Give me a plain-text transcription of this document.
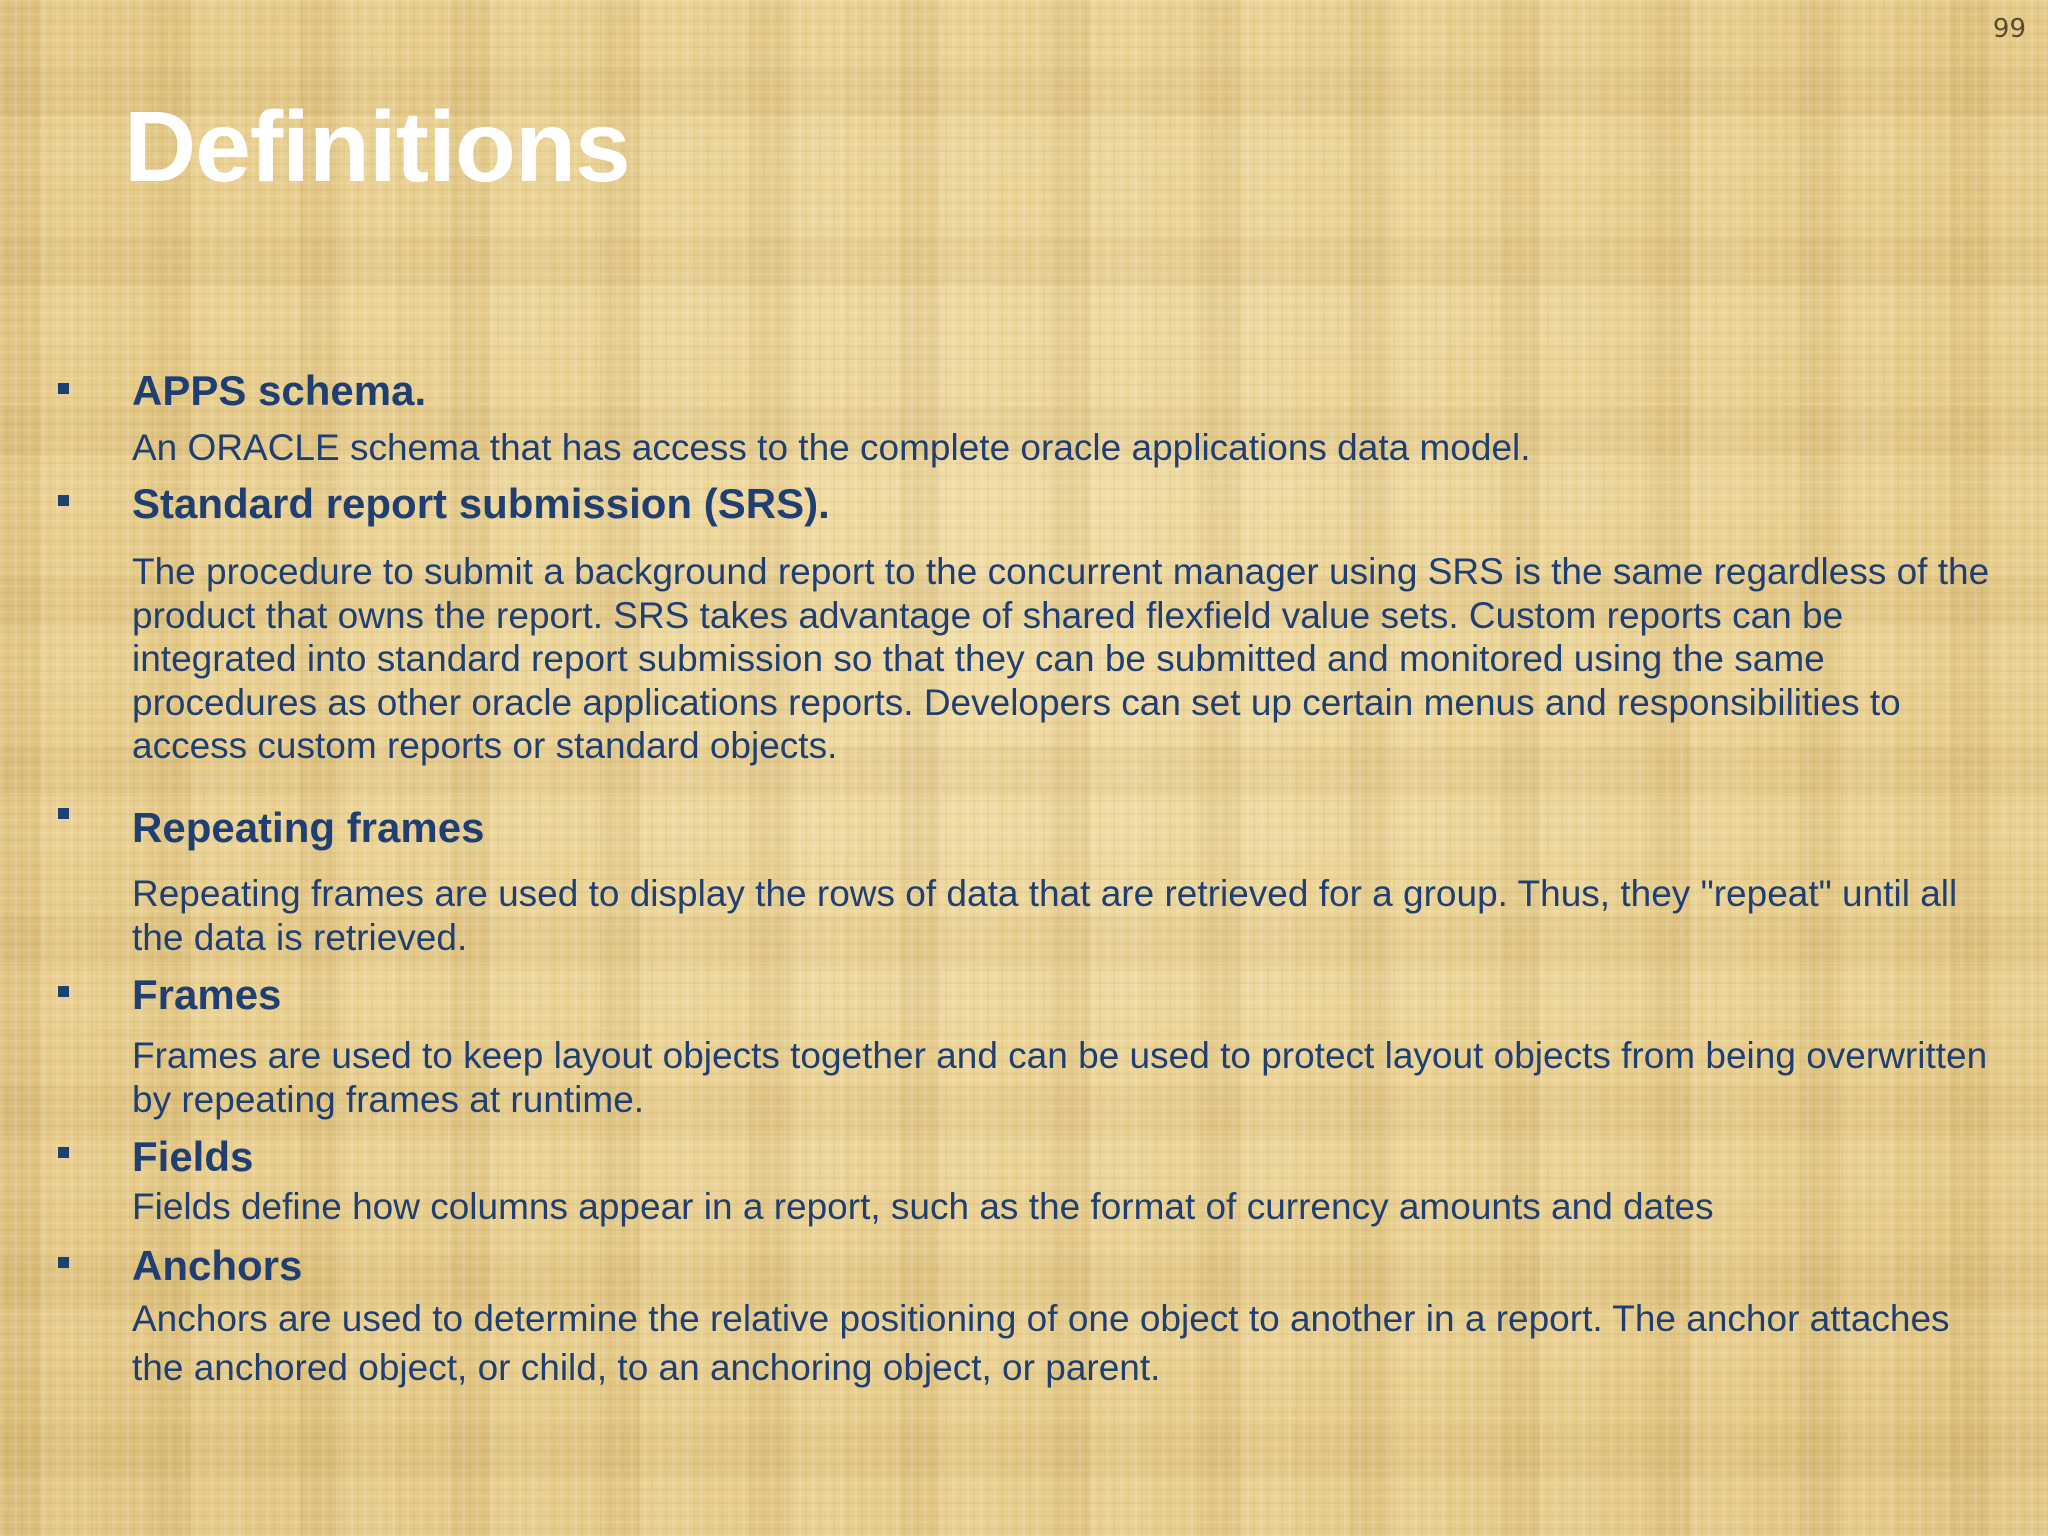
99
Definitions
APPS schema.

An ORACLE schema that has access to the complete oracle applications data model.

Standard report submission (SRS).

The procedure to submit a background report to the concurrent manager using SRS is the same regardless of the product that owns the report. SRS takes advantage of shared flexfield value sets. Custom reports can be integrated into standard report submission so that they can be submitted and monitored using the same procedures as other oracle applications reports. Developers can set up certain menus and responsibilities to access custom reports or standard objects.

Repeating frames

Repeating frames are used to display the rows of data that are retrieved for a group. Thus, they "repeat" until all the data is retrieved.

Frames

Frames are used to keep layout objects together and can be used to protect layout objects from being overwritten by repeating frames at runtime.

Fields

Fields define how columns appear in a report, such as the format of currency amounts and dates

Anchors

Anchors are used to determine the relative positioning of one object to another in a report. The anchor attaches the anchored object, or child, to an anchoring object, or parent.
